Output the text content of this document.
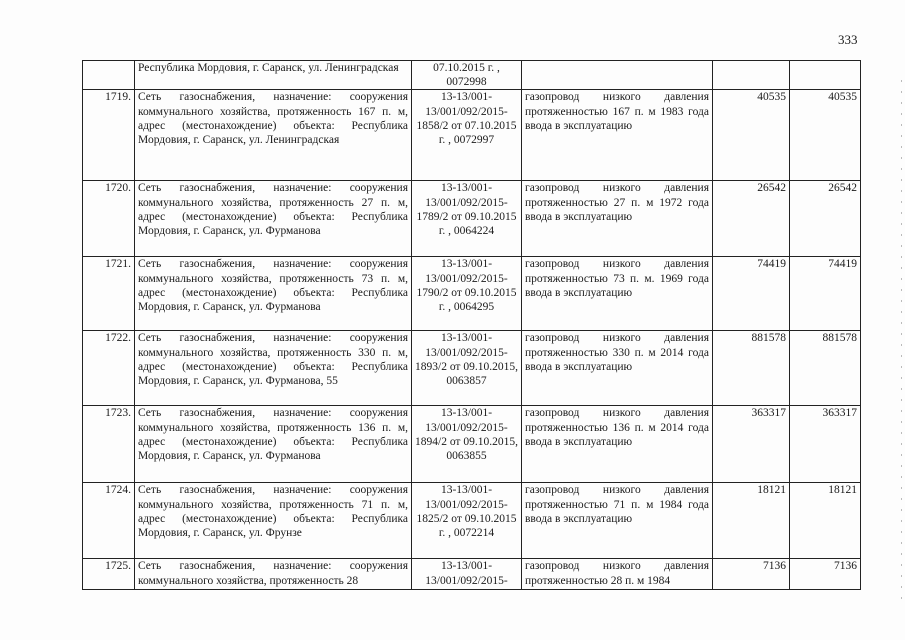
333
	Республика Мордовия, г. Саранск, ул. Ленинградская	07.10.2015 г. , 0072998			
1719.	Сеть газоснабжения, назначение: сооружения коммунального хозяйства, протяженность 167 п. м, адрес (местонахождение) объекта: Республика Мордовия, г. Саранск, ул. Ленинградская	13-13/001-13/001/092/2015-1858/2 от 07.10.2015 г. , 0072997	газопровод низкого давления протяженностью 167 п. м 1983 года ввода в эксплуатацию	40535	40535
1720.	Сеть газоснабжения, назначение: сооружения коммунального хозяйства, протяженность 27 п. м, адрес (местонахождение) объекта: Республика Мордовия, г. Саранск, ул. Фурманова	13-13/001-13/001/092/2015-1789/2 от 09.10.2015 г. , 0064224	газопровод низкого давления протяженностью 27 п. м 1972 года ввода в эксплуатацию	26542	26542
1721.	Сеть газоснабжения, назначение: сооружения коммунального хозяйства, протяженность 73 п. м, адрес (местонахождение) объекта: Республика Мордовия, г. Саранск, ул. Фурманова	13-13/001-13/001/092/2015-1790/2 от 09.10.2015 г. , 0064295	газопровод низкого давления протяженностью 73 п. м. 1969 года ввода в эксплуатацию	74419	74419
1722.	Сеть газоснабжения, назначение: сооружения коммунального хозяйства, протяженность 330 п. м, адрес (местонахождение) объекта: Республика Мордовия, г. Саранск, ул. Фурманова, 55	13-13/001-13/001/092/2015-1893/2 от 09.10.2015, 0063857	газопровод низкого давления протяженностью 330 п. м 2014 года ввода в эксплуатацию	881578	881578
1723.	Сеть газоснабжения, назначение: сооружения коммунального хозяйства, протяженность 136 п. м, адрес (местонахождение) объекта: Республика Мордовия, г. Саранск, ул. Фурманова	13-13/001-13/001/092/2015-1894/2 от 09.10.2015, 0063855	газопровод низкого давления протяженностью 136 п. м 2014 года ввода в эксплуатацию	363317	363317
1724.	Сеть газоснабжения, назначение: сооружения коммунального хозяйства, протяженность 71 п. м, адрес (местонахождение) объекта: Республика Мордовия, г. Саранск, ул. Фрунзе	13-13/001-13/001/092/2015-1825/2 от 09.10.2015 г. , 0072214	газопровод низкого давления протяженностью 71 п. м 1984 года ввода в эксплуатацию	18121	18121
1725.	Сеть газоснабжения, назначение: сооружения коммунального хозяйства, протяженность 28	13-13/001-13/001/092/2015-	газопровод низкого давления протяженностью 28 п. м 1984	7136	7136
